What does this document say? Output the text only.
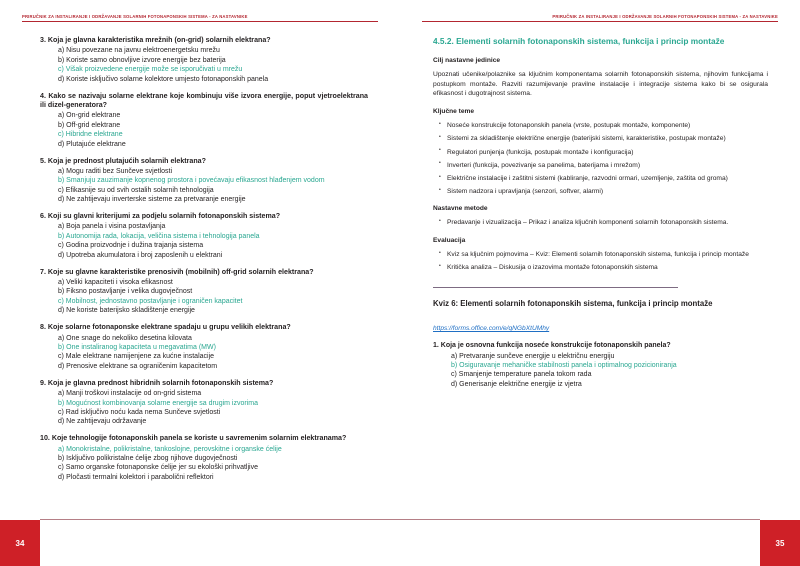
PRIRUČNIK ZA INSTALIRANJE I ODRŽAVANJE SOLARNIH FOTONAPONSKIH SISTEMA - ZA NASTAVNIKE
3. Koja je glavna karakteristika mrežnih (on-grid) solarnih elektrana?
a) Nisu povezane na javnu elektroenergetsku mrežu
b) Koriste samo obnovljive izvore energije bez baterija
c) Višak proizvedene energije može se isporučivati u mrežu
d) Koriste isključivo solarne kolektore umjesto fotonaponskih panela
4. Kako se nazivaju solarne elektrane koje kombinuju više izvora energije, poput vjetroelektrana ili dizel-generatora?
a) On-grid elektrane
b) Off-grid elektrane
c) Hibridne elektrane
d) Plutajuće elektrane
5. Koja je prednost plutajućih solarnih elektrana?
a) Mogu raditi bez Sunčeve svjetlosti
b) Smanjuju zauzimanje kopnenog prostora i povećavaju efikasnost hlađenjem vodom
c) Efikasnije su od svih ostalih solarnih tehnologija
d) Ne zahtijevaju inverterske sisteme za pretvaranje energije
6. Koji su glavni kriterijumi za podjelu solarnih fotonaponskih sistema?
a) Boja panela i visina postavljanja
b) Autonomija rada, lokacija, veličina sistema i tehnologija panela
c) Godina proizvodnje i dužina trajanja sistema
d) Upotreba akumulatora i broj zaposlenih u elektrani
7. Koje su glavne karakteristike prenosivih (mobilnih) off-grid solarnih elektrana?
a) Veliki kapaciteti i visoka efikasnost
b) Fiksno postavljanje i velika dugovječnost
c) Mobilnost, jednostavno postavljanje i ograničen kapacitet
d) Ne koriste baterijsko skladištenje energije
8. Koje solarne fotonaponske elektrane spadaju u grupu velikih elektrana?
a) One snage do nekoliko desetina kilovata
b) One instaliranog kapaciteta u megavatima (MW)
c) Male elektrane namijenjene za kućne instalacije
d) Prenosive elektrane sa ograničenim kapacitetom
9. Koja je glavna prednost hibridnih solarnih fotonaponskih sistema?
a) Manji troškovi instalacije od on-grid sistema
b) Mogućnost kombinovanja solarne energije sa drugim izvorima
c) Rad isključivo noću kada nema Sunčeve svjetlosti
d) Ne zahtijevaju održavanje
10. Koje tehnologije fotonaponskih panela se koriste u savremenim solarnim elektranama?
a) Monokristalne, polikristalne, tankoslojne, perovskitne i organske ćelije
b) Isključivo polikristalne ćelije zbog njihove dugovječnosti
c) Samo organske fotonaponske ćelije jer su ekološki prihvatljive
d) Pločasti termalni kolektori i parabolični reflektori
34
PRIRUČNIK ZA INSTALIRANJE I ODRŽAVANJE SOLARNIH FOTONAPONSKIH SISTEMA - ZA NASTAVNIKE
4.5.2. Elementi solarnih fotonaponskih sistema, funkcija i princip montaže
Cilj nastavne jedinice
Upoznati učenike/polaznike sa ključnim komponentama solarnih fotonaponskih sistema, njihovim funkcijama i postupkom montaže. Razviti razumijevanje pravilne instalacije i integracije sistema kako bi se osigurala efikasnost i dugotrajnost sistema.
Ključne teme
• Noseće konstrukcije fotonaponskih panela (vrste, postupak montaže, komponente)
• Sistemi za skladištenje električne energije (baterijski sistemi, karakteristike, postupak montaže)
• Regulatori punjenja (funkcija, postupak montaže i konfiguracija)
• Inverteri (funkcija, povezivanje sa panelima, baterijama i mrežom)
• Električne instalacije i zaštitni sistemi (kabliranje, razvodni ormari, uzemljenje, zaštita od groma)
• Sistem nadzora i upravljanja (senzori, softver, alarmi)
Nastavne metode
• Predavanje i vizualizacija – Prikaz i analiza ključnih komponenti solarnih fotonaponskih sistema.
Evaluacija
• Kviz sa ključnim pojmovima – Kviz: Elementi solarnih fotonaponskih sistema, funkcija i princip montaže
• Kritička analiza – Diskusija o izazovima montaže fotonaponskih sistema
Kviz 6: Elementi solarnih fotonaponskih sistema, funkcija i princip montaže
https://forms.office.com/e/qNGbXtUMhy
1. Koja je osnovna funkcija noseće konstrukcije fotonaponskih panela?
a) Pretvaranje sunčeve energije u električnu energiju
b) Osiguravanje mehaničke stabilnosti panela i optimalnog pozicioniranja
c) Smanjenje temperature panela tokom rada
d) Generisanje električne energije iz vjetra
35
